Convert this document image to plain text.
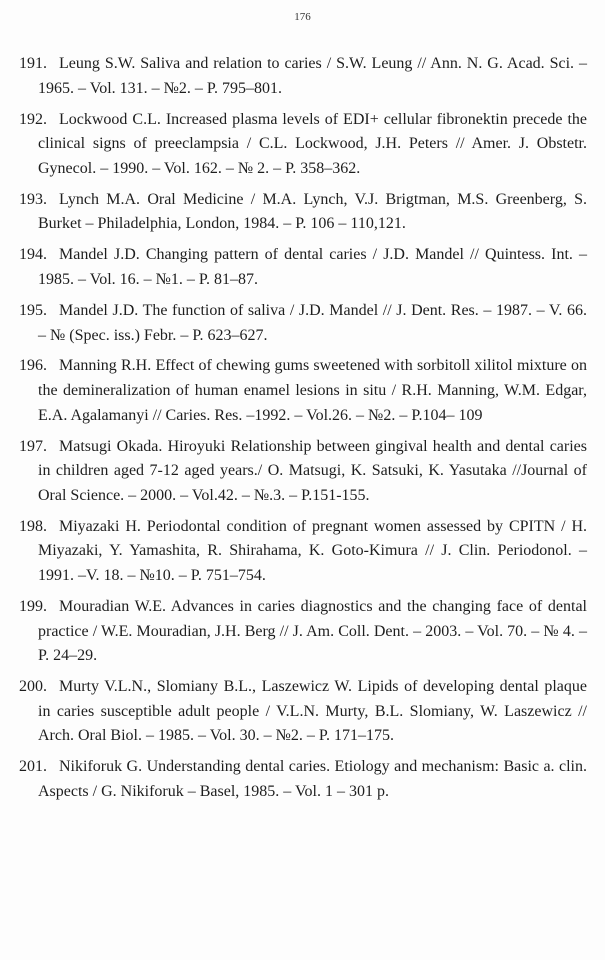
176
191. Leung S.W. Saliva and relation to caries / S.W. Leung // Ann. N. G. Acad. Sci. – 1965. – Vol. 131. – №2. – P. 795–801.
192. Lockwood C.L. Increased plasma levels of EDI+ cellular fibronektin precede the clinical signs of preeclampsia / C.L. Lockwood, J.H. Peters // Amer. J. Obstetr. Gynecol. – 1990. – Vol. 162. – № 2. – P. 358–362.
193. Lynch M.A. Oral Medicine / M.A. Lynch, V.J. Brigtman, M.S. Greenberg, S. Burket – Philadelphia, London, 1984. – P. 106 – 110,121.
194. Mandel J.D. Changing pattern of dental caries / J.D. Mandel // Quintess. Int. – 1985. – Vol. 16. – №1. – P. 81–87.
195. Mandel J.D. The function of saliva / J.D. Mandel // J. Dent. Res. – 1987. – V. 66. – № (Spec. iss.) Febr. – P. 623–627.
196. Manning R.H. Effect of chewing gums sweetened with sorbitoll xilitol mixture on the demineralization of human enamel lesions in situ / R.H. Manning, W.M. Edgar, E.A. Agalamanyi // Caries. Res. –1992. – Vol.26. – №2. – P.104– 109
197. Matsugi Okada. Hiroyuki Relationship between gingival health and dental caries in children aged 7-12 aged years./ O. Matsugi, K. Satsuki, K. Yasutaka //Journal of Oral Science. – 2000. – Vol.42. – №.3. – P.151-155.
198. Miyazaki H. Periodontal condition of pregnant women assessed by CPITN / H. Miyazaki, Y. Yamashita, R. Shirahama, K. Goto-Kimura // J. Clin. Periodonol. – 1991. –V. 18. – №10. – P. 751–754.
199. Mouradian W.E. Advances in caries diagnostics and the changing face of dental practice / W.E. Mouradian, J.H. Berg // J. Am. Coll. Dent. – 2003. – Vol. 70. – № 4. – P. 24–29.
200. Murty V.L.N., Slomiany B.L., Laszewicz W. Lipids of developing dental plaque in caries susceptible adult people / V.L.N. Murty, B.L. Slomiany, W. Laszewicz // Arch. Oral Biol. – 1985. – Vol. 30. – №2. – P. 171–175.
201. Nikiforuk G. Understanding dental caries. Etiology and mechanism: Basic a. clin. Aspects / G. Nikiforuk – Basel, 1985. – Vol. 1 – 301 p.
